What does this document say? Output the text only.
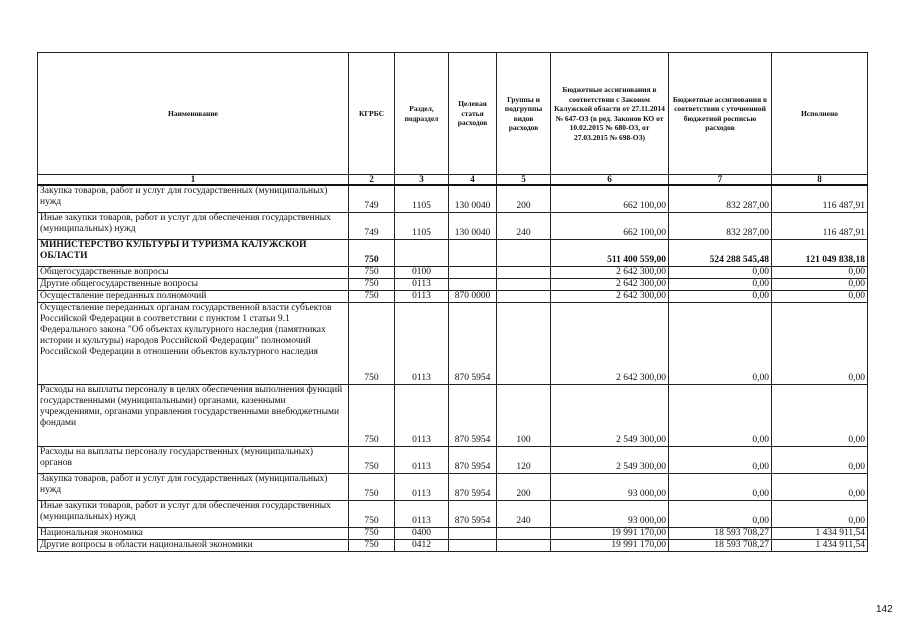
Наименование	КГРБС	Раздел, подраздел	Целевая статья расходов	Группы и подгруппы видов расходов	Бюджетные ассигнования в соответствии с Законом Калужской области от 27.11.2014 № 647-ОЗ (в ред. Законов КО от 10.02.2015 № 680-ОЗ, от 27.03.2015 № 698-ОЗ)	Бюджетные ассигнования в соответствии с уточненной бюджетной росписью расходов	Исполнено
1	2	3	4	5	6	7	8
Закупка товаров, работ и услуг для государственных (муниципальных) нужд	749	1105	130 0040	200	662 100,00	832 287,00	116 487,91
Иные закупки товаров, работ и услуг для обеспечения государственных (муниципальных) нужд	749	1105	130 0040	240	662 100,00	832 287,00	116 487,91
МИНИСТЕРСТВО КУЛЬТУРЫ И ТУРИЗМА КАЛУЖСКОЙ ОБЛАСТИ	750				511 400 559,00	524 288 545,48	121 049 838,18
Общегосударственные вопросы	750	0100			2 642 300,00	0,00	0,00
Другие общегосударственные вопросы	750	0113			2 642 300,00	0,00	0,00
Осуществление переданных полномочий	750	0113	870 0000		2 642 300,00	0,00	0,00
Осуществление переданных органам государственной власти субъектов Российской Федерации в соответствии с пунктом 1 статьи 9.1 Федерального закона "Об объектах культурного наследия (памятниках истории и культуры) народов Российской Федерации" полномочий Российской Федерации в отношении объектов культурного наследия	750	0113	870 5954		2 642 300,00	0,00	0,00
Расходы на выплаты персоналу в целях обеспечения выполнения функций государственными (муниципальными) органами, казенными учреждениями, органами управления государственными внебюджетными фондами	750	0113	870 5954	100	2 549 300,00	0,00	0,00
Расходы на выплаты персоналу государственных (муниципальных) органов	750	0113	870 5954	120	2 549 300,00	0,00	0,00
Закупка товаров, работ и услуг для государственных (муниципальных) нужд	750	0113	870 5954	200	93 000,00	0,00	0,00
Иные закупки товаров, работ и услуг для обеспечения государственных (муниципальных) нужд	750	0113	870 5954	240	93 000,00	0,00	0,00
Национальная экономика	750	0400			19 991 170,00	18 593 708,27	1 434 911,54
Другие вопросы в области национальной экономики	750	0412			19 991 170,00	18 593 708,27	1 434 911,54
142
